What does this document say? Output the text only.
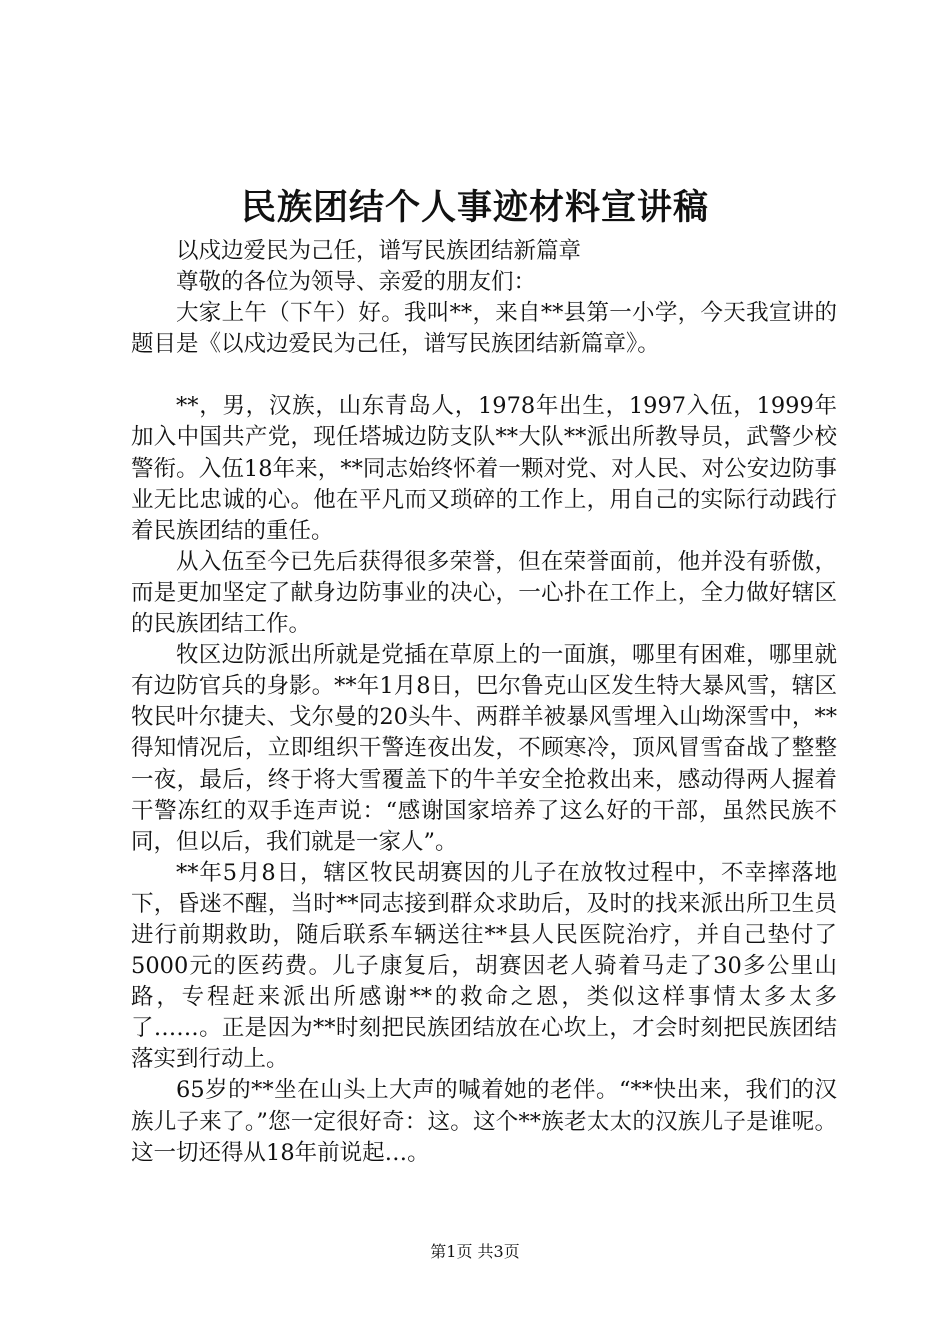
民族团结个人事迹材料宣讲稿

以戍边爱民为己任，谱写民族团结新篇章

尊敬的各位为领导、亲爱的朋友们：

大家上午（下午）好。我叫**，来自**县第一小学，今天我宣讲的题目是《以戍边爱民为己任，谱写民族团结新篇章》。

**，男，汉族，山东青岛人，1978年出生，1997入伍，1999年加入中国共产党，现任塔城边防支队**大队**派出所教导员，武警少校警衔。入伍18年来，**同志始终怀着一颗对党、对人民、对公安边防事业无比忠诚的心。他在平凡而又琐碎的工作上，用自己的实际行动践行着民族团结的重任。

从入伍至今已先后获得很多荣誉，但在荣誉面前，他并没有骄傲，而是更加坚定了献身边防事业的决心，一心扑在工作上，全力做好辖区的民族团结工作。

牧区边防派出所就是党插在草原上的一面旗，哪里有困难，哪里就有边防官兵的身影。**年1月8日，巴尔鲁克山区发生特大暴风雪，辖区牧民叶尔捷夫、戈尔曼的20头牛、两群羊被暴风雪埋入山坳深雪中，**得知情况后，立即组织干警连夜出发，不顾寒冷，顶风冒雪奋战了整整一夜，最后，终于将大雪覆盖下的牛羊安全抢救出来，感动得两人握着干警冻红的双手连声说：“感谢国家培养了这么好的干部，虽然民族不同，但以后，我们就是一家人”。

**年5月8日，辖区牧民胡赛因的儿子在放牧过程中，不幸摔落地下，昏迷不醒，当时**同志接到群众求助后，及时的找来派出所卫生员进行前期救助，随后联系车辆送往**县人民医院治疗，并自己垫付了5000元的医药费。儿子康复后，胡赛因老人骑着马走了30多公里山路，专程赶来派出所感谢**的救命之恩，类似这样事情太多太多了……。正是因为**时刻把民族团结放在心坎上，才会时刻把民族团结落实到行动上。

65岁的**坐在山头上大声的喊着她的老伴。“**快出来，我们的汉族儿子来了。”您一定很好奇：这。这个**族老太太的汉族儿子是谁呢。这一切还得从18年前说起…。

第1页 共3页
